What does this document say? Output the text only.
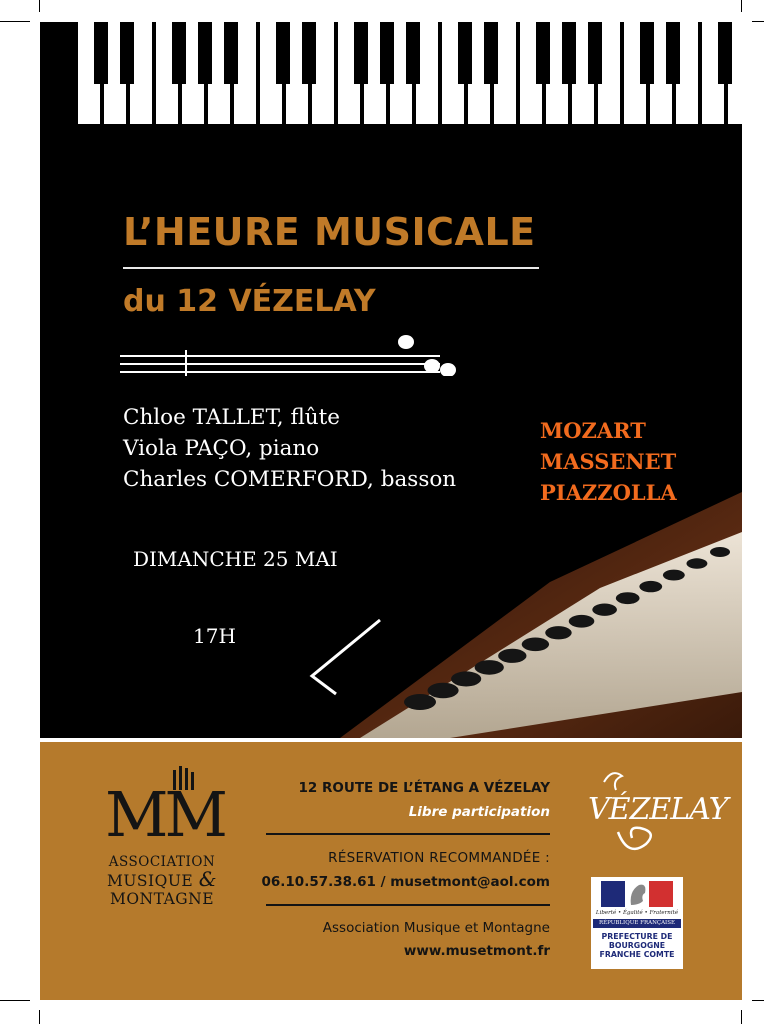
L’HEURE MUSICALE
du 12 VÉZELAY
Chloe TALLET, flûte
Viola PAÇO, piano
Charles COMERFORD, basson
MOZART
MASSENET
PIAZZOLLA
DIMANCHE 25 MAI
17H
MM
ASSOCIATION
MUSIQUE &
MONTAGNE
12 ROUTE DE L’ÉTANG A VÉZELAY
Libre participation
RÉSERVATION RECOMMANDÉE :
06.10.57.38.61 / musetmont@aol.com
Association Musique et Montagne
www.musetmont.fr
VÉZELAY
Liberté • Égalité • Fraternité
RÉPUBLIQUE FRANÇAISE
PREFECTURE DE
BOURGOGNE
FRANCHE COMTE
